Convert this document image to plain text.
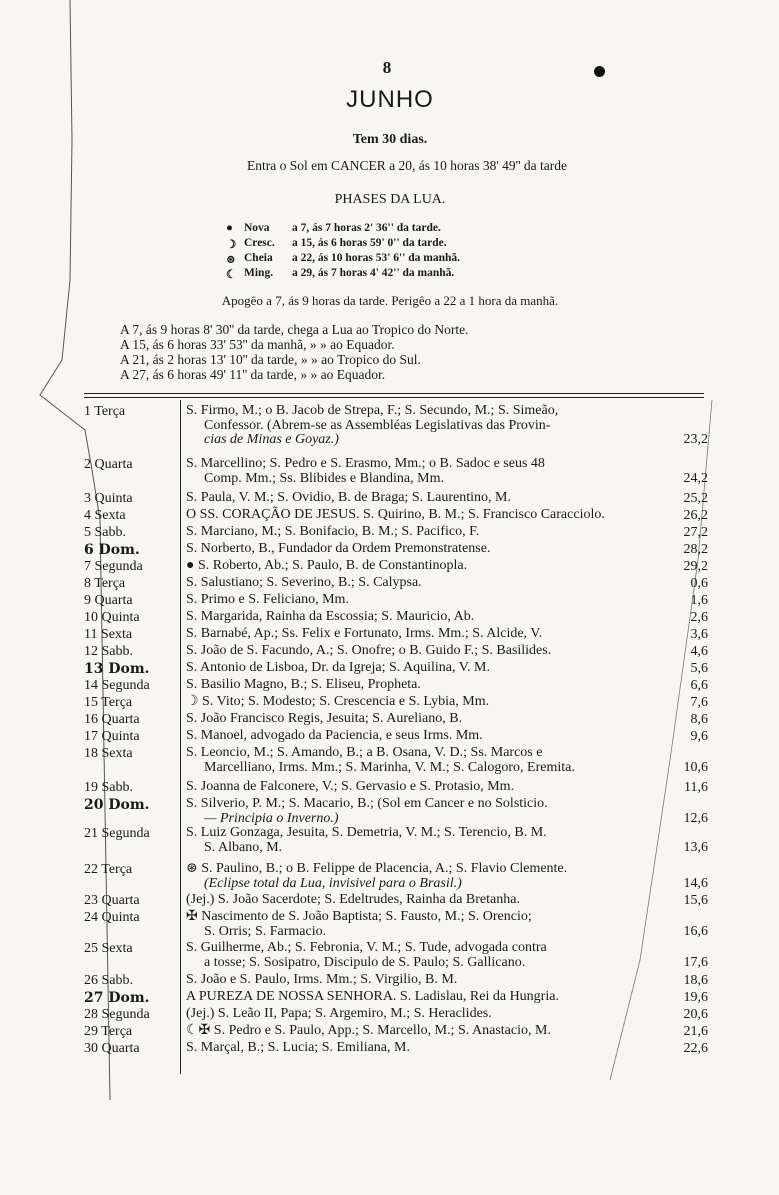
8
JUNHO
Tem 30 dias.
Entra o Sol em CANCER a 20, ás 10 horas 38' 49'' da tarde
PHASES DA LUA.
● Nova	a 7, ás 7 horas 2' 36'' da tarde.
☽ Cresc.	a 15, ás 6 horas 59' 0'' da tarde.
⊛ Cheia	a 22, ás 10 horas 53' 6'' da manhã.
☾ Ming.	a 29, ás 7 horas 4' 42'' da manhã.
Apogêo a 7, ás 9 horas da tarde. Perigêo a 22 a 1 hora da manhã.
A 7, ás 9 horas 8' 30'' da tarde, chega a Lua ao Tropico do Norte.
A 15, ás 6 horas 33' 53'' da manhã, » » ao Equador.
A 21, ás 2 horas 13' 10'' da tarde, » » ao Tropico do Sul.
A 27, ás 6 horas 49' 11'' da tarde, » » ao Equador.
1 Terça	S. Firmo, M.; o B. Jacob de Strepa, F.; S. Secundo, M.; S. Simeão,
Confessor. (Abrem-se as Assembléas Legislativas das Provin-
cias de Minas e Goyaz.)	23,2
2 Quarta	S. Marcellino; S. Pedro e S. Erasmo, Mm.; o B. Sadoc e seus 48
Comp. Mm.; Ss. Blibides e Blandina, Mm.	24,2
3 Quinta	S. Paula, V. M.; S. Ovidio, B. de Braga; S. Laurentino, M.	25,2
4 Sexta	O SS. CORAÇÃO DE JESUS. S. Quirino, B. M.; S. Francisco Caracciolo.	26,2
5 Sabb.	S. Marciano, M.; S. Bonifacio, B. M.; S. Pacifico, F.	27,2
6 Dom.	S. Norberto, B., Fundador da Ordem Premonstratense.	28,2
7 Segunda	● S. Roberto, Ab.; S. Paulo, B. de Constantinopla.	29,2
8 Terça	S. Salustiano; S. Severino, B.; S. Calypsa.	0,6
9 Quarta	S. Primo e S. Feliciano, Mm.	1,6
10 Quinta	S. Margarida, Rainha da Escossia; S. Mauricio, Ab.	2,6
11 Sexta	S. Barnabé, Ap.; Ss. Felix e Fortunato, Irms. Mm.; S. Alcide, V.	3,6
12 Sabb.	S. João de S. Facundo, A.; S. Onofre; o B. Guido F.; S. Basilides.	4,6
13 Dom.	S. Antonio de Lisboa, Dr. da Igreja; S. Aquilina, V. M.	5,6
14 Segunda	S. Basilio Magno, B.; S. Eliseu, Propheta.	6,6
15 Terça	☽ S. Vito; S. Modesto; S. Crescencia e S. Lybia, Mm.	7,6
16 Quarta	S. João Francisco Regis, Jesuita; S. Aureliano, B.	8,6
17 Quinta	S. Manoel, advogado da Paciencia, e seus Irms. Mm.	9,6
18 Sexta	S. Leoncio, M.; S. Amando, B.; a B. Osana, V. D.; Ss. Marcos e
Marcelliano, Irms. Mm.; S. Marinha, V. M.; S. Calogoro, Eremita.	10,6
19 Sabb.	S. Joanna de Falconere, V.; S. Gervasio e S. Protasio, Mm.	11,6
20 Dom.	S. Silverio, P. M.; S. Macario, B.; (Sol em Cancer e no Solsticio.
— Principia o Inverno.)	12,6
21 Segunda	S. Luiz Gonzaga, Jesuita, S. Demetria, V. M.; S. Terencio, B. M.
S. Albano, M.	13,6
22 Terça	⊛ S. Paulino, B.; o B. Felippe de Placencia, A.; S. Flavio Clemente.
(Eclipse total da Lua, invisivel para o Brasil.)	14,6
23 Quarta	(Jej.) S. João Sacerdote; S. Edeltrudes, Rainha da Bretanha.	15,6
24 Quinta	✠ Nascimento de S. João Baptista; S. Fausto, M.; S. Orencio;
S. Orris; S. Farmacio.	16,6
25 Sexta	S. Guilherme, Ab.; S. Febronia, V. M.; S. Tude, advogada contra
a tosse; S. Sosipatro, Discipulo de S. Paulo; S. Gallicano.	17,6
26 Sabb.	S. João e S. Paulo, Irms. Mm.; S. Virgilio, B. M.	18,6
27 Dom.	A PUREZA DE NOSSA SENHORA. S. Ladislau, Rei da Hungria.	19,6
28 Segunda	(Jej.) S. Leão II, Papa; S. Argemiro, M.; S. Heraclides.	20,6
29 Terça	☾✠ S. Pedro e S. Paulo, App.; S. Marcello, M.; S. Anastacio, M.	21,6
30 Quarta	S. Marçal, B.; S. Lucia; S. Emiliana, M.	22,6
